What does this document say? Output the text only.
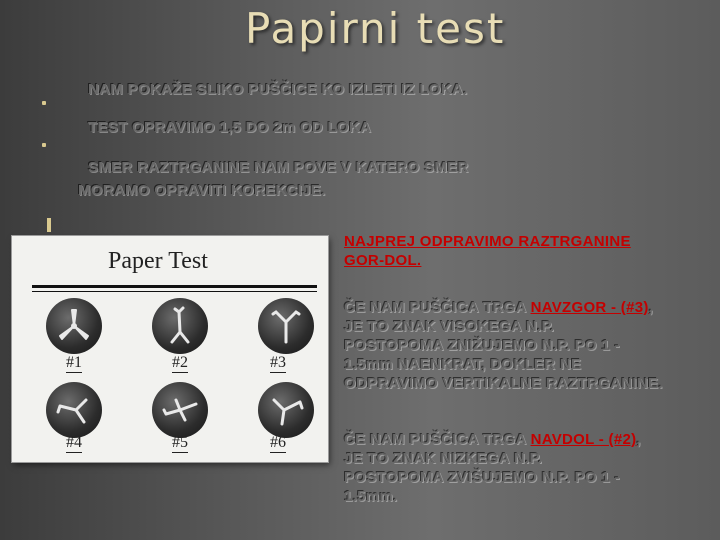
Papirni test

NAM POKAŽE SLIKO PUŠČICE KO IZLETI IZ LOKA.

TEST OPRAVIMO 1,5 DO 2m OD LOKA

SMER RAZTRGANINE NAM POVE V KATERO SMER

MORAMO OPRAVITI KOREKCIJE.

NAJPREJ ODPRAVIMO RAZTRGANINE
GOR-DOL.
ČE NAM PUŠČICA TRGA NAVZGOR - (#3),
JE TO ZNAK VISOKEGA N.P.
POSTOPOMA ZNIŽUJEMO N.P. PO 1 -
1.5mm NAENKRAT, DOKLER NE
ODPRAVIMO VERTIKALNE RAZTRGANINE.
ČE NAM PUŠČICA TRGA NAVDOL - (#2),
JE TO ZNAK NIZKEGA N.P.
POSTOPOMA ZVIŠUJEMO N.P. PO 1 -
1.5mm.
Paper Test
#1	#2	#3
#4	#5	#6
